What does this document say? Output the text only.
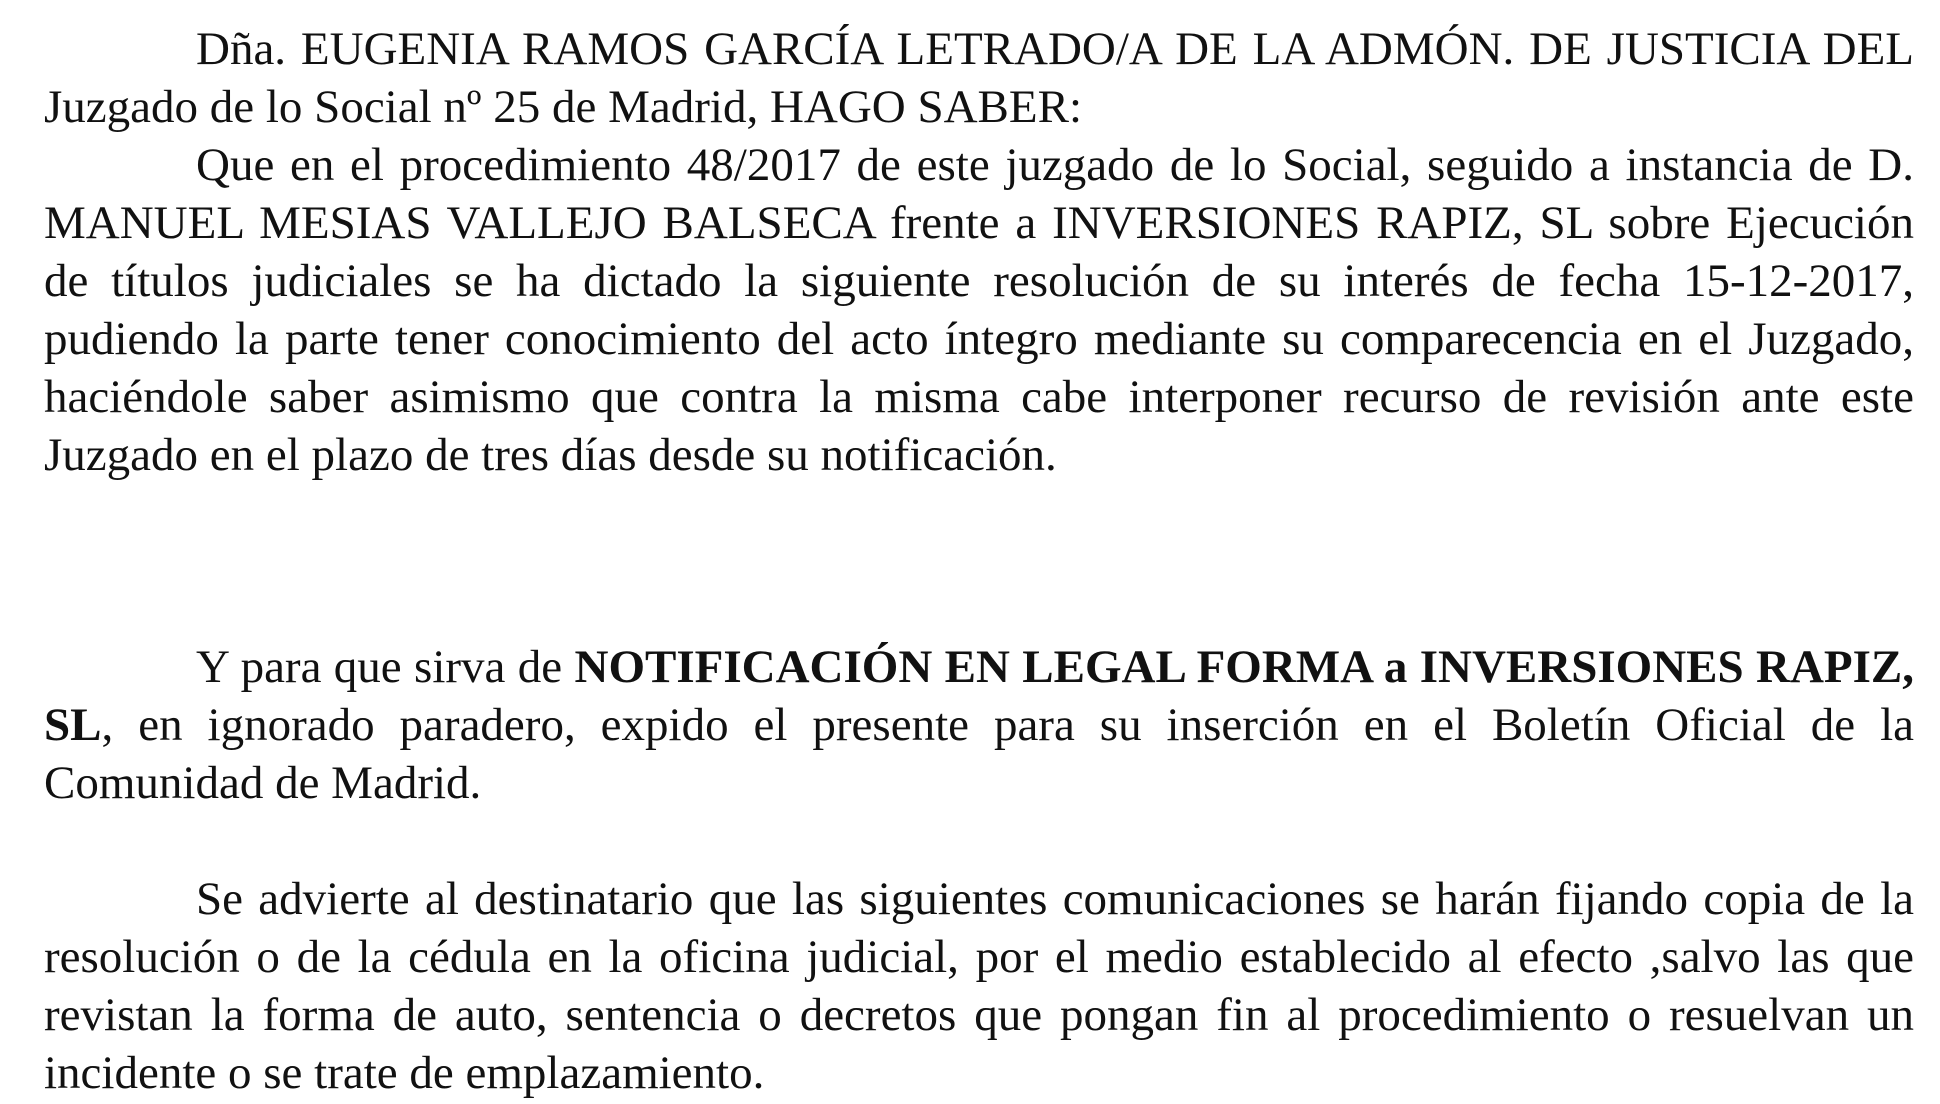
Dña. EUGENIA RAMOS GARCÍA LETRADO/A DE LA ADMÓN. DE JUSTICIA DEL Juzgado de lo Social nº 25 de Madrid, HAGO SABER:

Que en el procedimiento 48/2017 de este juzgado de lo Social, seguido a instancia de D. MANUEL MESIAS VALLEJO BALSECA frente a INVERSIONES RAPIZ, SL sobre Ejecución de títulos judiciales se ha dictado la siguiente resolución de su interés de fecha 15-12-2017, pudiendo la parte tener conocimiento del acto íntegro mediante su comparecencia en el Juzgado, haciéndole saber asimismo que contra la misma cabe interponer recurso de revisión ante este Juzgado en el plazo de tres días desde su notificación.

Y para que sirva de NOTIFICACIÓN EN LEGAL FORMA a INVERSIONES RAPIZ, SL, en ignorado paradero, expido el presente para su inserción en el Boletín Oficial de la Comunidad de Madrid.

Se advierte al destinatario que las siguientes comunicaciones se harán fijando copia de la resolución o de la cédula en la oficina judicial, por el medio establecido al efecto ,salvo las que revistan la forma de auto, sentencia o decretos que pongan fin al procedimiento o resuelvan un incidente o se trate de emplazamiento.
